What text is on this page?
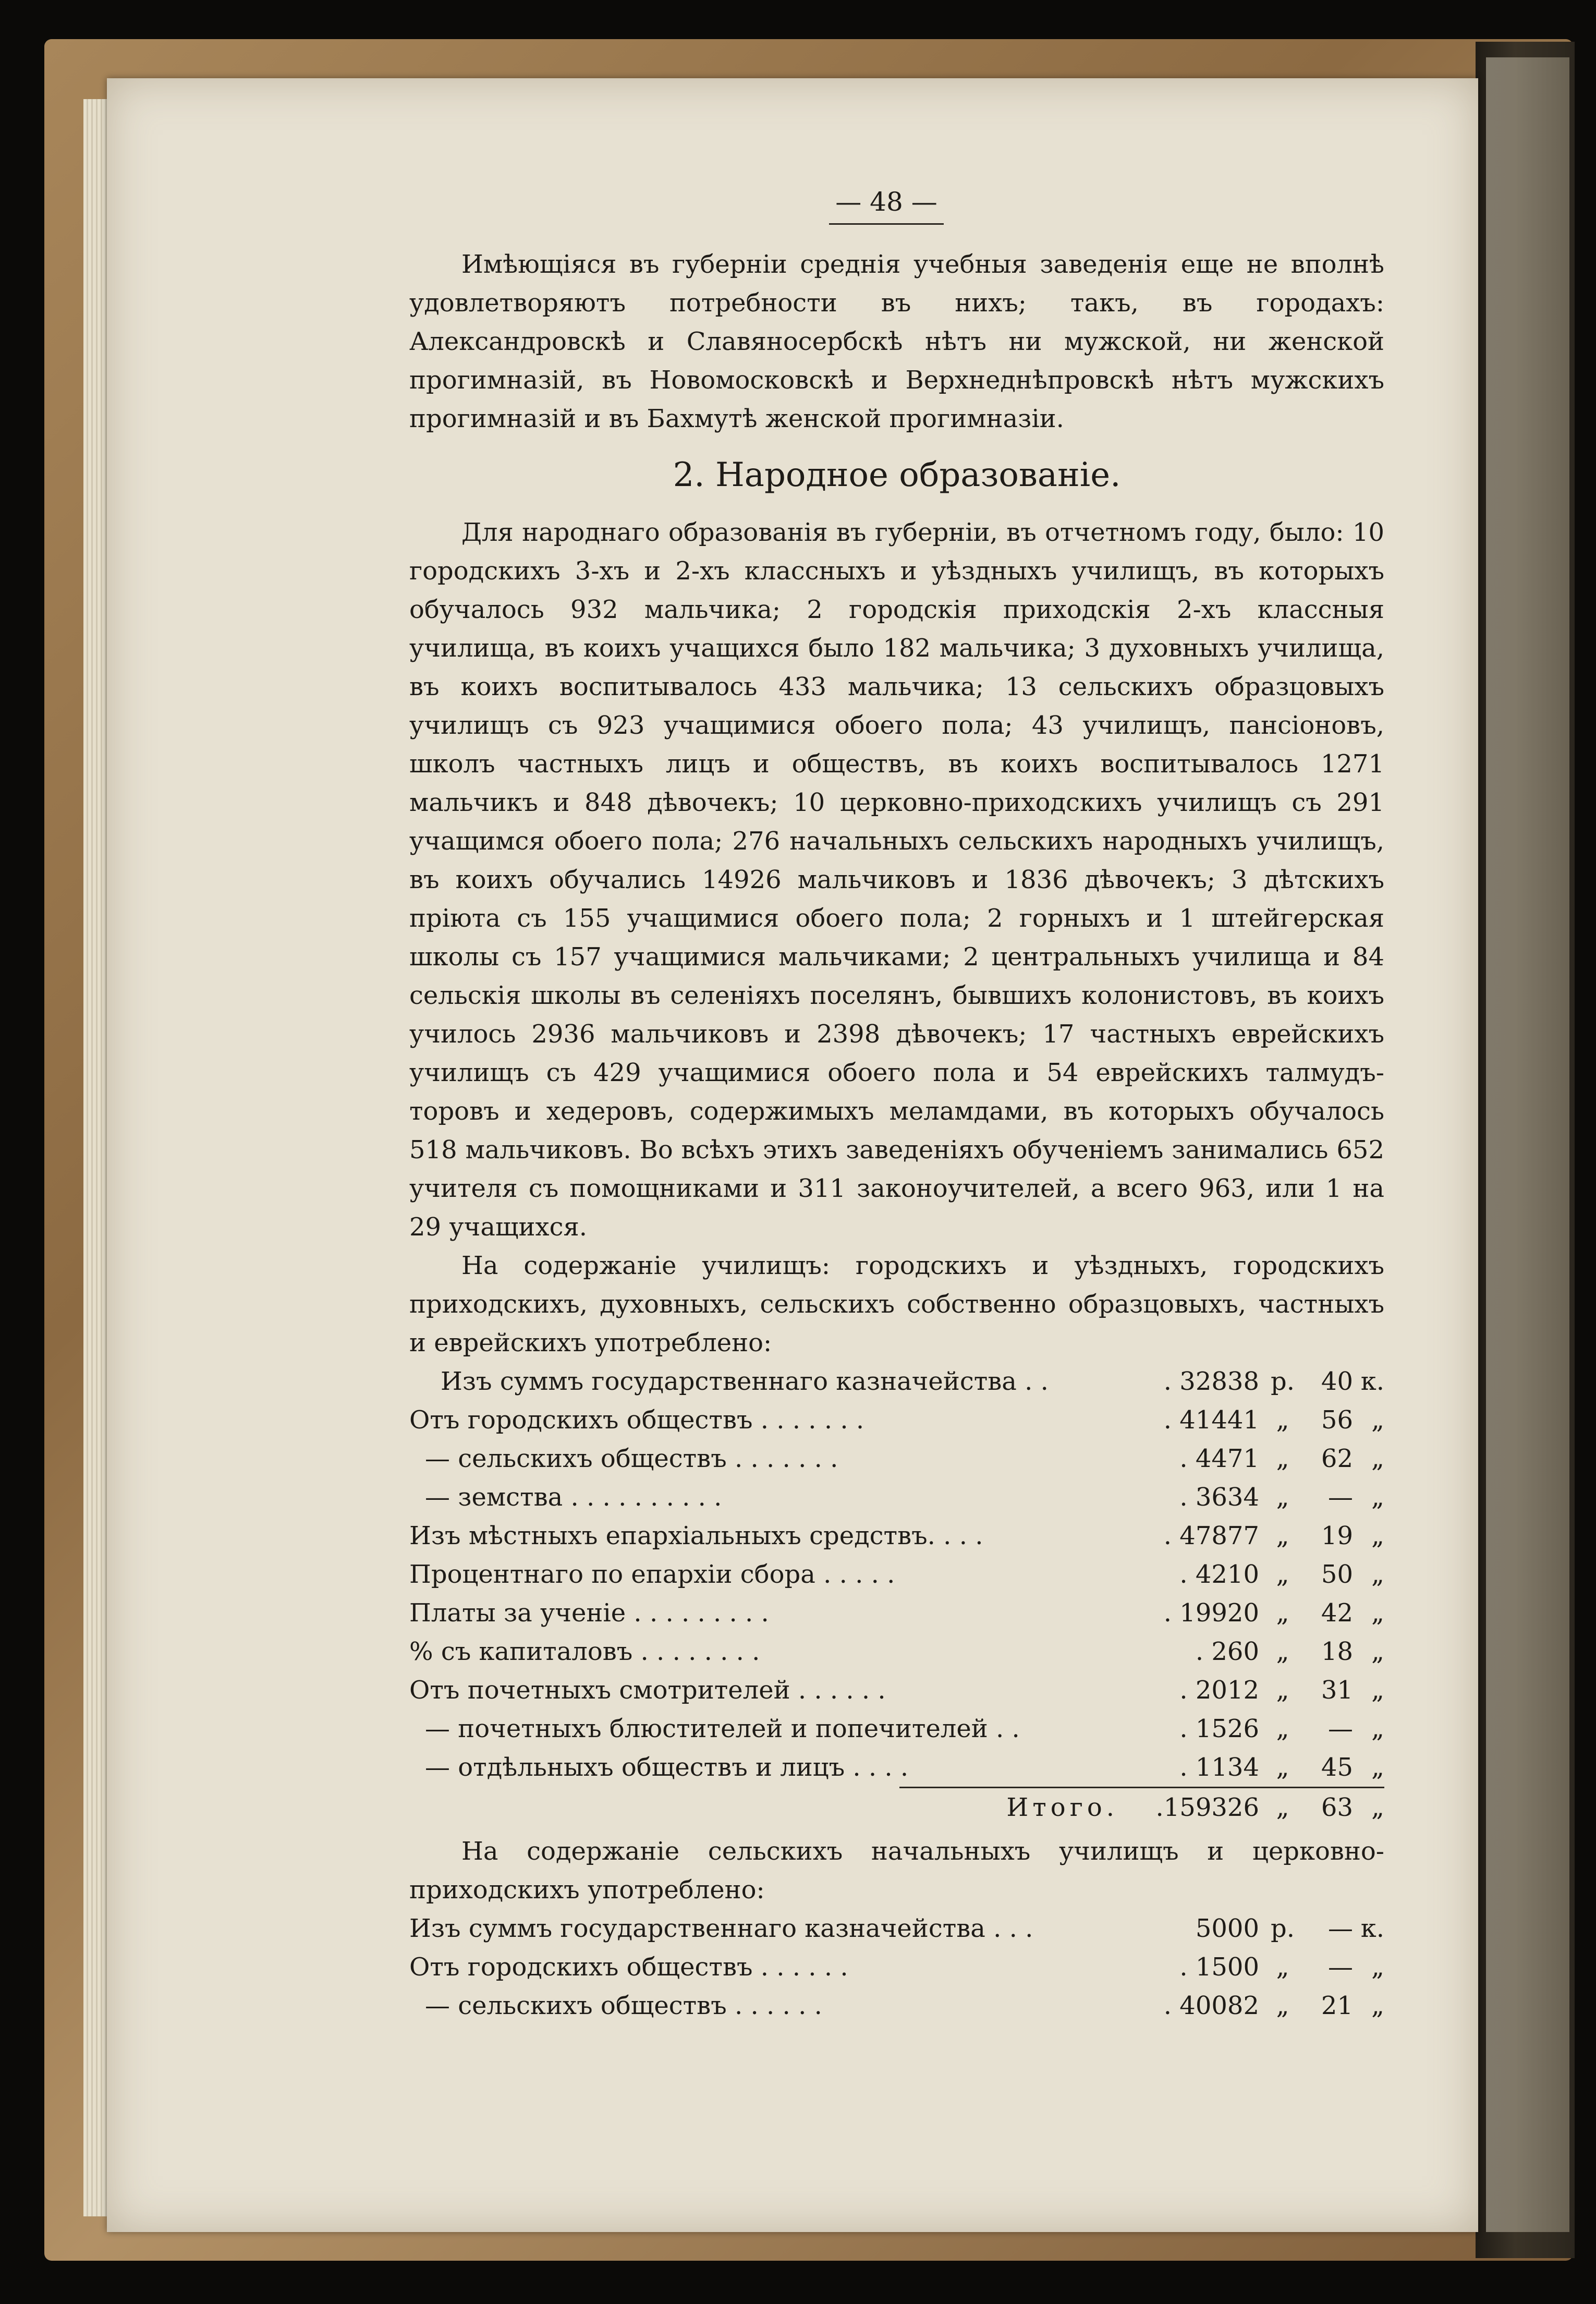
— 48 —

Имѣющіяся въ губерніи среднія учебныя заведенія еще не вполнѣ удовлетворяютъ потребности въ нихъ; такъ, въ городахъ: Александровскѣ и Славяносербскѣ нѣтъ ни мужской, ни женской прогимназій, въ Новомосковскѣ и Верхнеднѣпровскѣ нѣтъ мужскихъ прогимназій и въ Бахмутѣ женской прогимназіи.

2. Народное образованіе.

Для народнаго образованія въ губерніи, въ отчетномъ году, было: 10 городскихъ 3-хъ и 2-хъ классныхъ и уѣздныхъ училищъ, въ которыхъ обучалось 932 мальчика; 2 городскія приходскія 2-хъ классныя училища, въ коихъ учащихся было 182 мальчика; 3 духовныхъ училища, въ коихъ воспитывалось 433 мальчика; 13 сельскихъ образцовыхъ училищъ съ 923 учащимися обоего пола; 43 училищъ, пансіоновъ, школъ частныхъ лицъ и обществъ, въ коихъ воспитывалось 1271 мальчикъ и 848 дѣвочекъ; 10 церковно-приходскихъ училищъ съ 291 учащимся обоего пола; 276 начальныхъ сельскихъ народныхъ училищъ, въ коихъ обучались 14926 мальчиковъ и 1836 дѣвочекъ; 3 дѣтскихъ пріюта съ 155 учащимися обоего пола; 2 горныхъ и 1 штейгерская школы съ 157 учащимися мальчиками; 2 центральныхъ училища и 84 сельскія школы въ селеніяхъ поселянъ, бывшихъ колонистовъ, въ коихъ училось 2936 мальчиковъ и 2398 дѣвочекъ; 17 частныхъ еврейскихъ училищъ съ 429 учащимися обоего пола и 54 еврейскихъ талмудъ-торовъ и хедеровъ, содержимыхъ меламдами, въ которыхъ обучалось 518 мальчиковъ. Во всѣхъ этихъ заведеніяхъ обученіемъ занимались 652 учителя съ помощниками и 311 законоучителей, а всего 963, или 1 на 29 учащихся.

На содержаніе училищъ: городскихъ и уѣздныхъ, городскихъ приходскихъ, духовныхъ, сельскихъ собственно образцовыхъ, частныхъ и еврейскихъ употреблено:

Изъ суммъ государственнаго казначейства . .	. 32838 р.	40 к.
Отъ городскихъ обществъ . . . . . . .	. 41441 „	56 „
— сельскихъ обществъ . . . . . . .	. 4471 „	62 „
— земства . . . . . . . . . .	. 3634 „	— „
Изъ мѣстныхъ епархіальныхъ средствъ. . . .	. 47877 „	19 „
Процентнаго по епархіи сбора . . . . .	. 4210 „	50 „
Платы за ученіе . . . . . . . . .	. 19920 „	42 „
% съ капиталовъ . . . . . . . .	. 260 „	18 „
Отъ почетныхъ смотрителей . . . . . .	. 2012 „	31 „
— почетныхъ блюстителей и попечителей . .	. 1526 „	— „
— отдѣльныхъ обществъ и лицъ . . . .	. 1134 „	45 „
Итого.	.159326 „	63 „

На содержаніе сельскихъ начальныхъ училищъ и церковно-приходскихъ употреблено:

Изъ суммъ государственнаго казначейства . . .	5000 р.	— к.
Отъ городскихъ обществъ . . . . . .	. 1500 „	— „
— сельскихъ обществъ . . . . . .	. 40082 „	21 „
